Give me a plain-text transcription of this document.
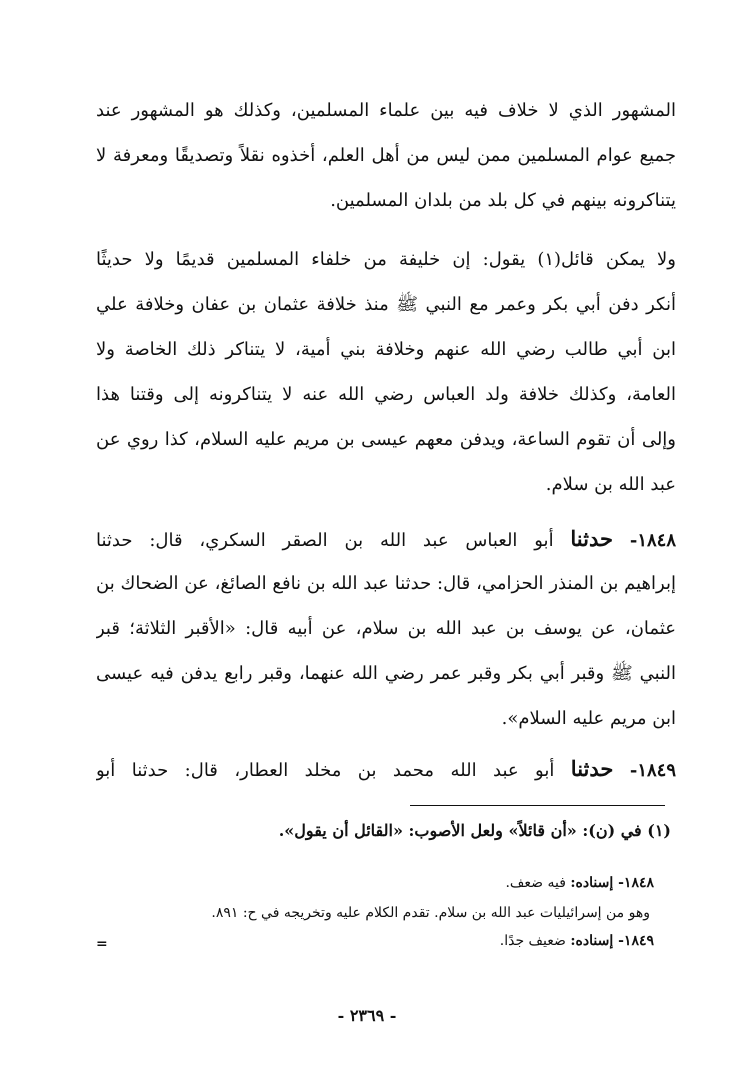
المشهور الذي لا خلاف فيه بين علماء المسلمين، وكذلك هو المشهور عند
جميع عوام المسلمين ممن ليس من أهل العلم، أخذوه نقلاً وتصديقًا ومعرفة لا
يتناكرونه بينهم في كل بلد من بلدان المسلمين.
ولا يمكن قائل(١) يقول: إن خليفة من خلفاء المسلمين قديمًا ولا حديثًا
أنكر دفن أبي بكر وعمر مع النبي ﷺ منذ خلافة عثمان بن عفان وخلافة علي
ابن أبي طالب رضي الله عنهم وخلافة بني أمية، لا يتناكر ذلك الخاصة ولا
العامة، وكذلك خلافة ولد العباس رضي الله عنه لا يتناكرونه إلى وقتنا هذا
وإلى أن تقوم الساعة، ويدفن معهم عيسى بن مريم عليه السلام، كذا روي عن
عبد الله بن سلام.
١٨٤٨- حدثنا أبو العباس عبد الله بن الصقر السكري، قال: حدثنا
إبراهيم بن المنذر الحزامي، قال: حدثنا عبد الله بن نافع الصائغ، عن الضحاك بن
عثمان، عن يوسف بن عبد الله بن سلام، عن أبيه قال: «الأقبر الثلاثة؛ قبر
النبي ﷺ وقبر أبي بكر وقبر عمر رضي الله عنهما، وقبر رابع يدفن فيه عيسى
ابن مريم عليه السلام».
١٨٤٩- حدثنا أبو عبد الله محمد بن مخلد العطار، قال: حدثنا أبو
(١) في (ن): «أن قائلاً» ولعل الأصوب: «القائل أن يقول».
١٨٤٨- إسناده: فيه ضعف.
وهو من إسرائيليات عبد الله بن سلام. تقدم الكلام عليه وتخريجه في ح: ٨٩١.
١٨٤٩- إسناده: ضعيف جدًا.
=
- ٢٣٦٩ -
